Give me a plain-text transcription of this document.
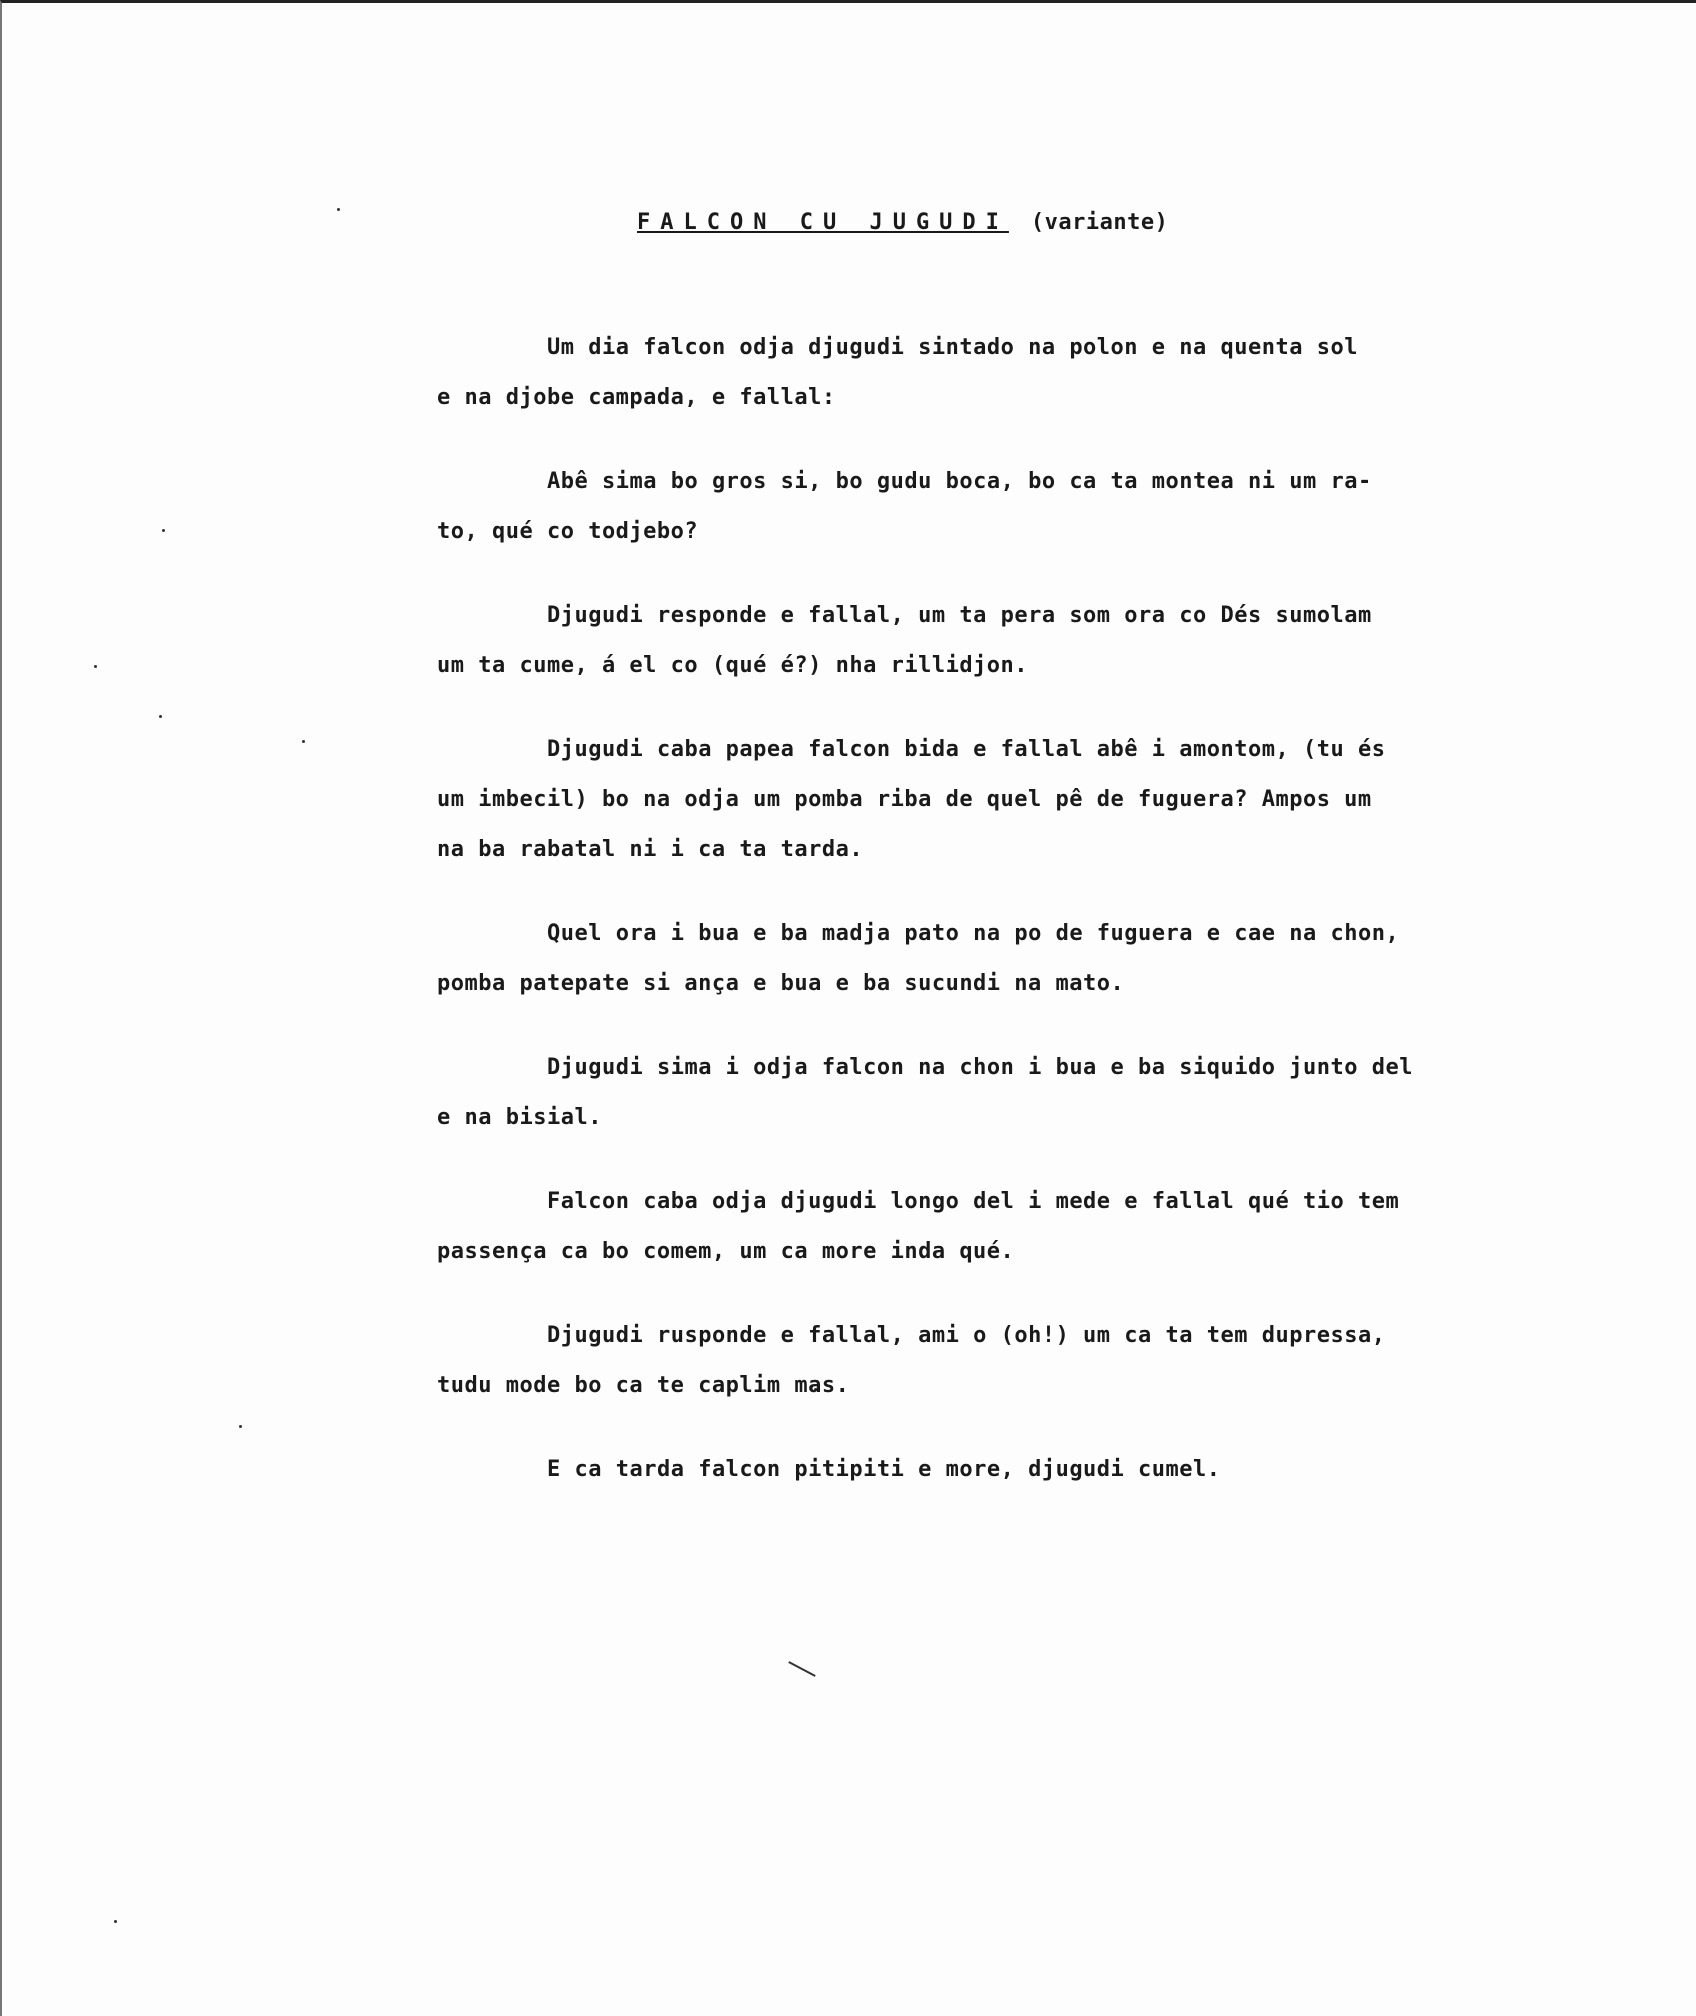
FALCON CU JUGUDI (variante)

Um dia falcon odja djugudi sintado na polon e na quenta sol
e na djobe campada, e fallal:

Abê sima bo gros si, bo gudu boca, bo ca ta montea ni um ra-
to, qué co todjebo?

Djugudi responde e fallal, um ta pera som ora co Dés sumolam
um ta cume, á el co (qué é?) nha rillidjon.

Djugudi caba papea falcon bida e fallal abê i amontom, (tu és
um imbecil) bo na odja um pomba riba de quel pê de fuguera? Ampos um
na ba rabatal ni i ca ta tarda.

Quel ora i bua e ba madja pato na po de fuguera e cae na chon,
pomba patepate si ança e bua e ba sucundi na mato.

Djugudi sima i odja falcon na chon i bua e ba siquido junto del
e na bisial.

Falcon caba odja djugudi longo del i mede e fallal qué tio tem
passença ca bo comem, um ca more inda qué.

Djugudi rusponde e fallal, ami o (oh!) um ca ta tem dupressa,
tudu mode bo ca te caplim mas.

E ca tarda falcon pitipiti e more, djugudi cumel.
